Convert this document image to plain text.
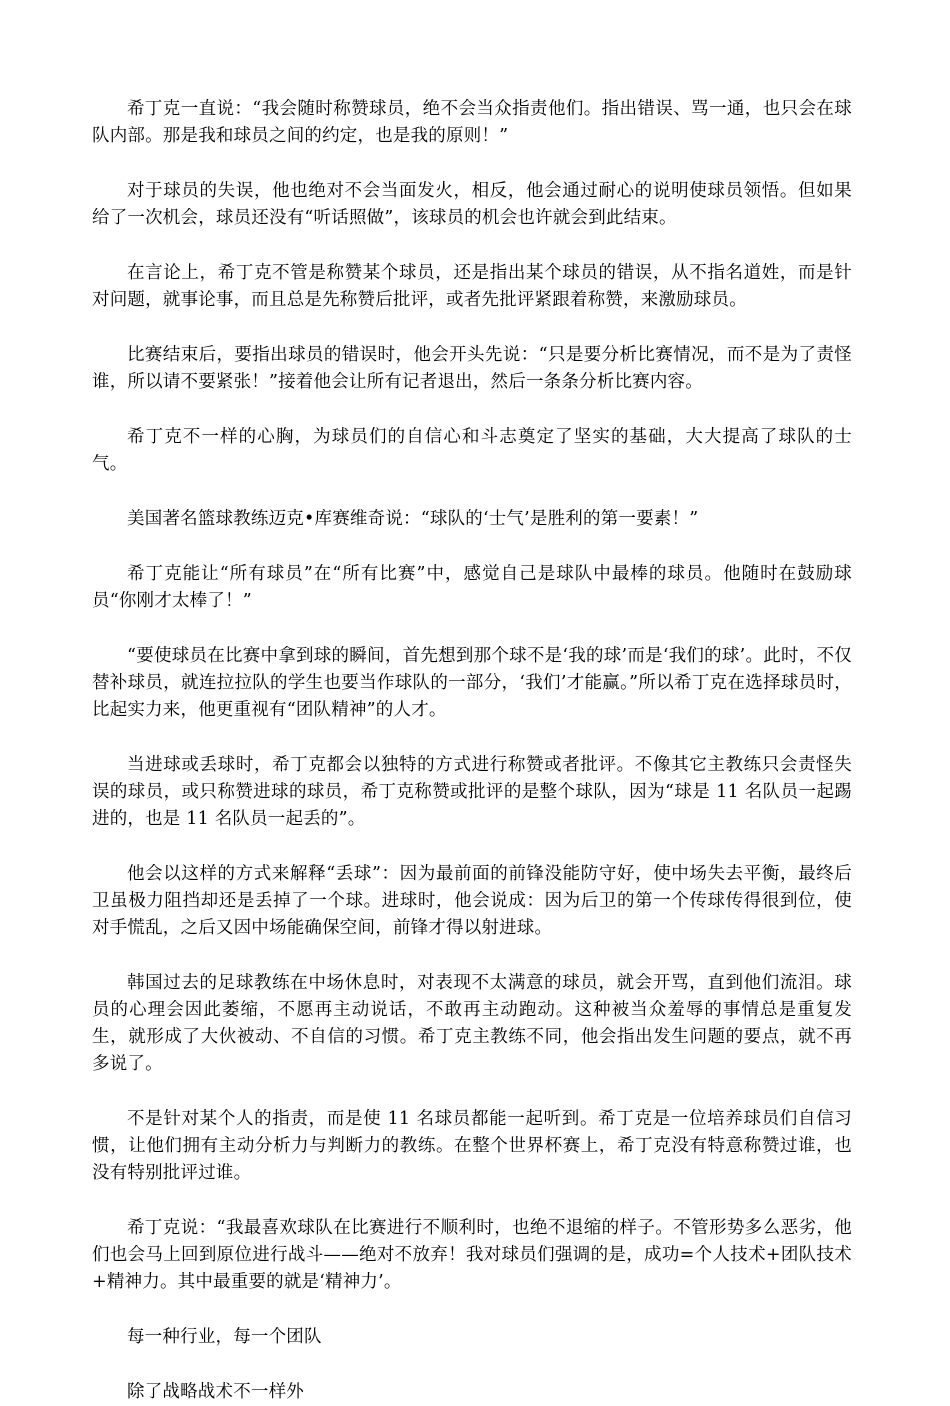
希丁克一直说：“我会随时称赞球员，绝不会当众指责他们。指出错误、骂一通，也只会在球队内部。那是我和球员之间的约定，也是我的原则！”

对于球员的失误，他也绝对不会当面发火，相反，他会通过耐心的说明使球员领悟。但如果给了一次机会，球员还没有“听话照做”，该球员的机会也许就会到此结束。

在言论上，希丁克不管是称赞某个球员，还是指出某个球员的错误，从不指名道姓，而是针对问题，就事论事，而且总是先称赞后批评，或者先批评紧跟着称赞，来激励球员。

比赛结束后，要指出球员的错误时，他会开头先说：“只是要分析比赛情况，而不是为了责怪谁，所以请不要紧张！”接着他会让所有记者退出，然后一条条分析比赛内容。

希丁克不一样的心胸，为球员们的自信心和斗志奠定了坚实的基础，大大提高了球队的士气。

美国著名篮球教练迈克•库赛维奇说：“球队的‘士气’是胜利的第一要素！”

希丁克能让“所有球员”在“所有比赛”中，感觉自己是球队中最棒的球员。他随时在鼓励球员“你刚才太棒了！”

“要使球员在比赛中拿到球的瞬间，首先想到那个球不是‘我的球’而是‘我们的球’。此时，不仅替补球员，就连拉拉队的学生也要当作球队的一部分，‘我们’才能赢。”所以希丁克在选择球员时，比起实力来，他更重视有“团队精神”的人才。

当进球或丢球时，希丁克都会以独特的方式进行称赞或者批评。不像其它主教练只会责怪失误的球员，或只称赞进球的球员，希丁克称赞或批评的是整个球队，因为“球是 11 名队员一起踢进的，也是 11 名队员一起丢的”。

他会以这样的方式来解释“丢球”：因为最前面的前锋没能防守好，使中场失去平衡，最终后卫虽极力阻挡却还是丢掉了一个球。进球时，他会说成：因为后卫的第一个传球传得很到位，使对手慌乱，之后又因中场能确保空间，前锋才得以射进球。

韩国过去的足球教练在中场休息时，对表现不太满意的球员，就会开骂，直到他们流泪。球员的心理会因此萎缩，不愿再主动说话，不敢再主动跑动。这种被当众羞辱的事情总是重复发生，就形成了大伙被动、不自信的习惯。希丁克主教练不同，他会指出发生问题的要点，就不再多说了。

不是针对某个人的指责，而是使 11 名球员都能一起听到。希丁克是一位培养球员们自信习惯，让他们拥有主动分析力与判断力的教练。在整个世界杯赛上，希丁克没有特意称赞过谁，也没有特别批评过谁。

希丁克说：“我最喜欢球队在比赛进行不顺利时，也绝不退缩的样子。不管形势多么恶劣，他们也会马上回到原位进行战斗——绝对不放弃！我对球员们强调的是，成功=个人技术+团队技术+精神力。其中最重要的就是‘精神力’。

每一种行业，每一个团队

除了战略战术不一样外
